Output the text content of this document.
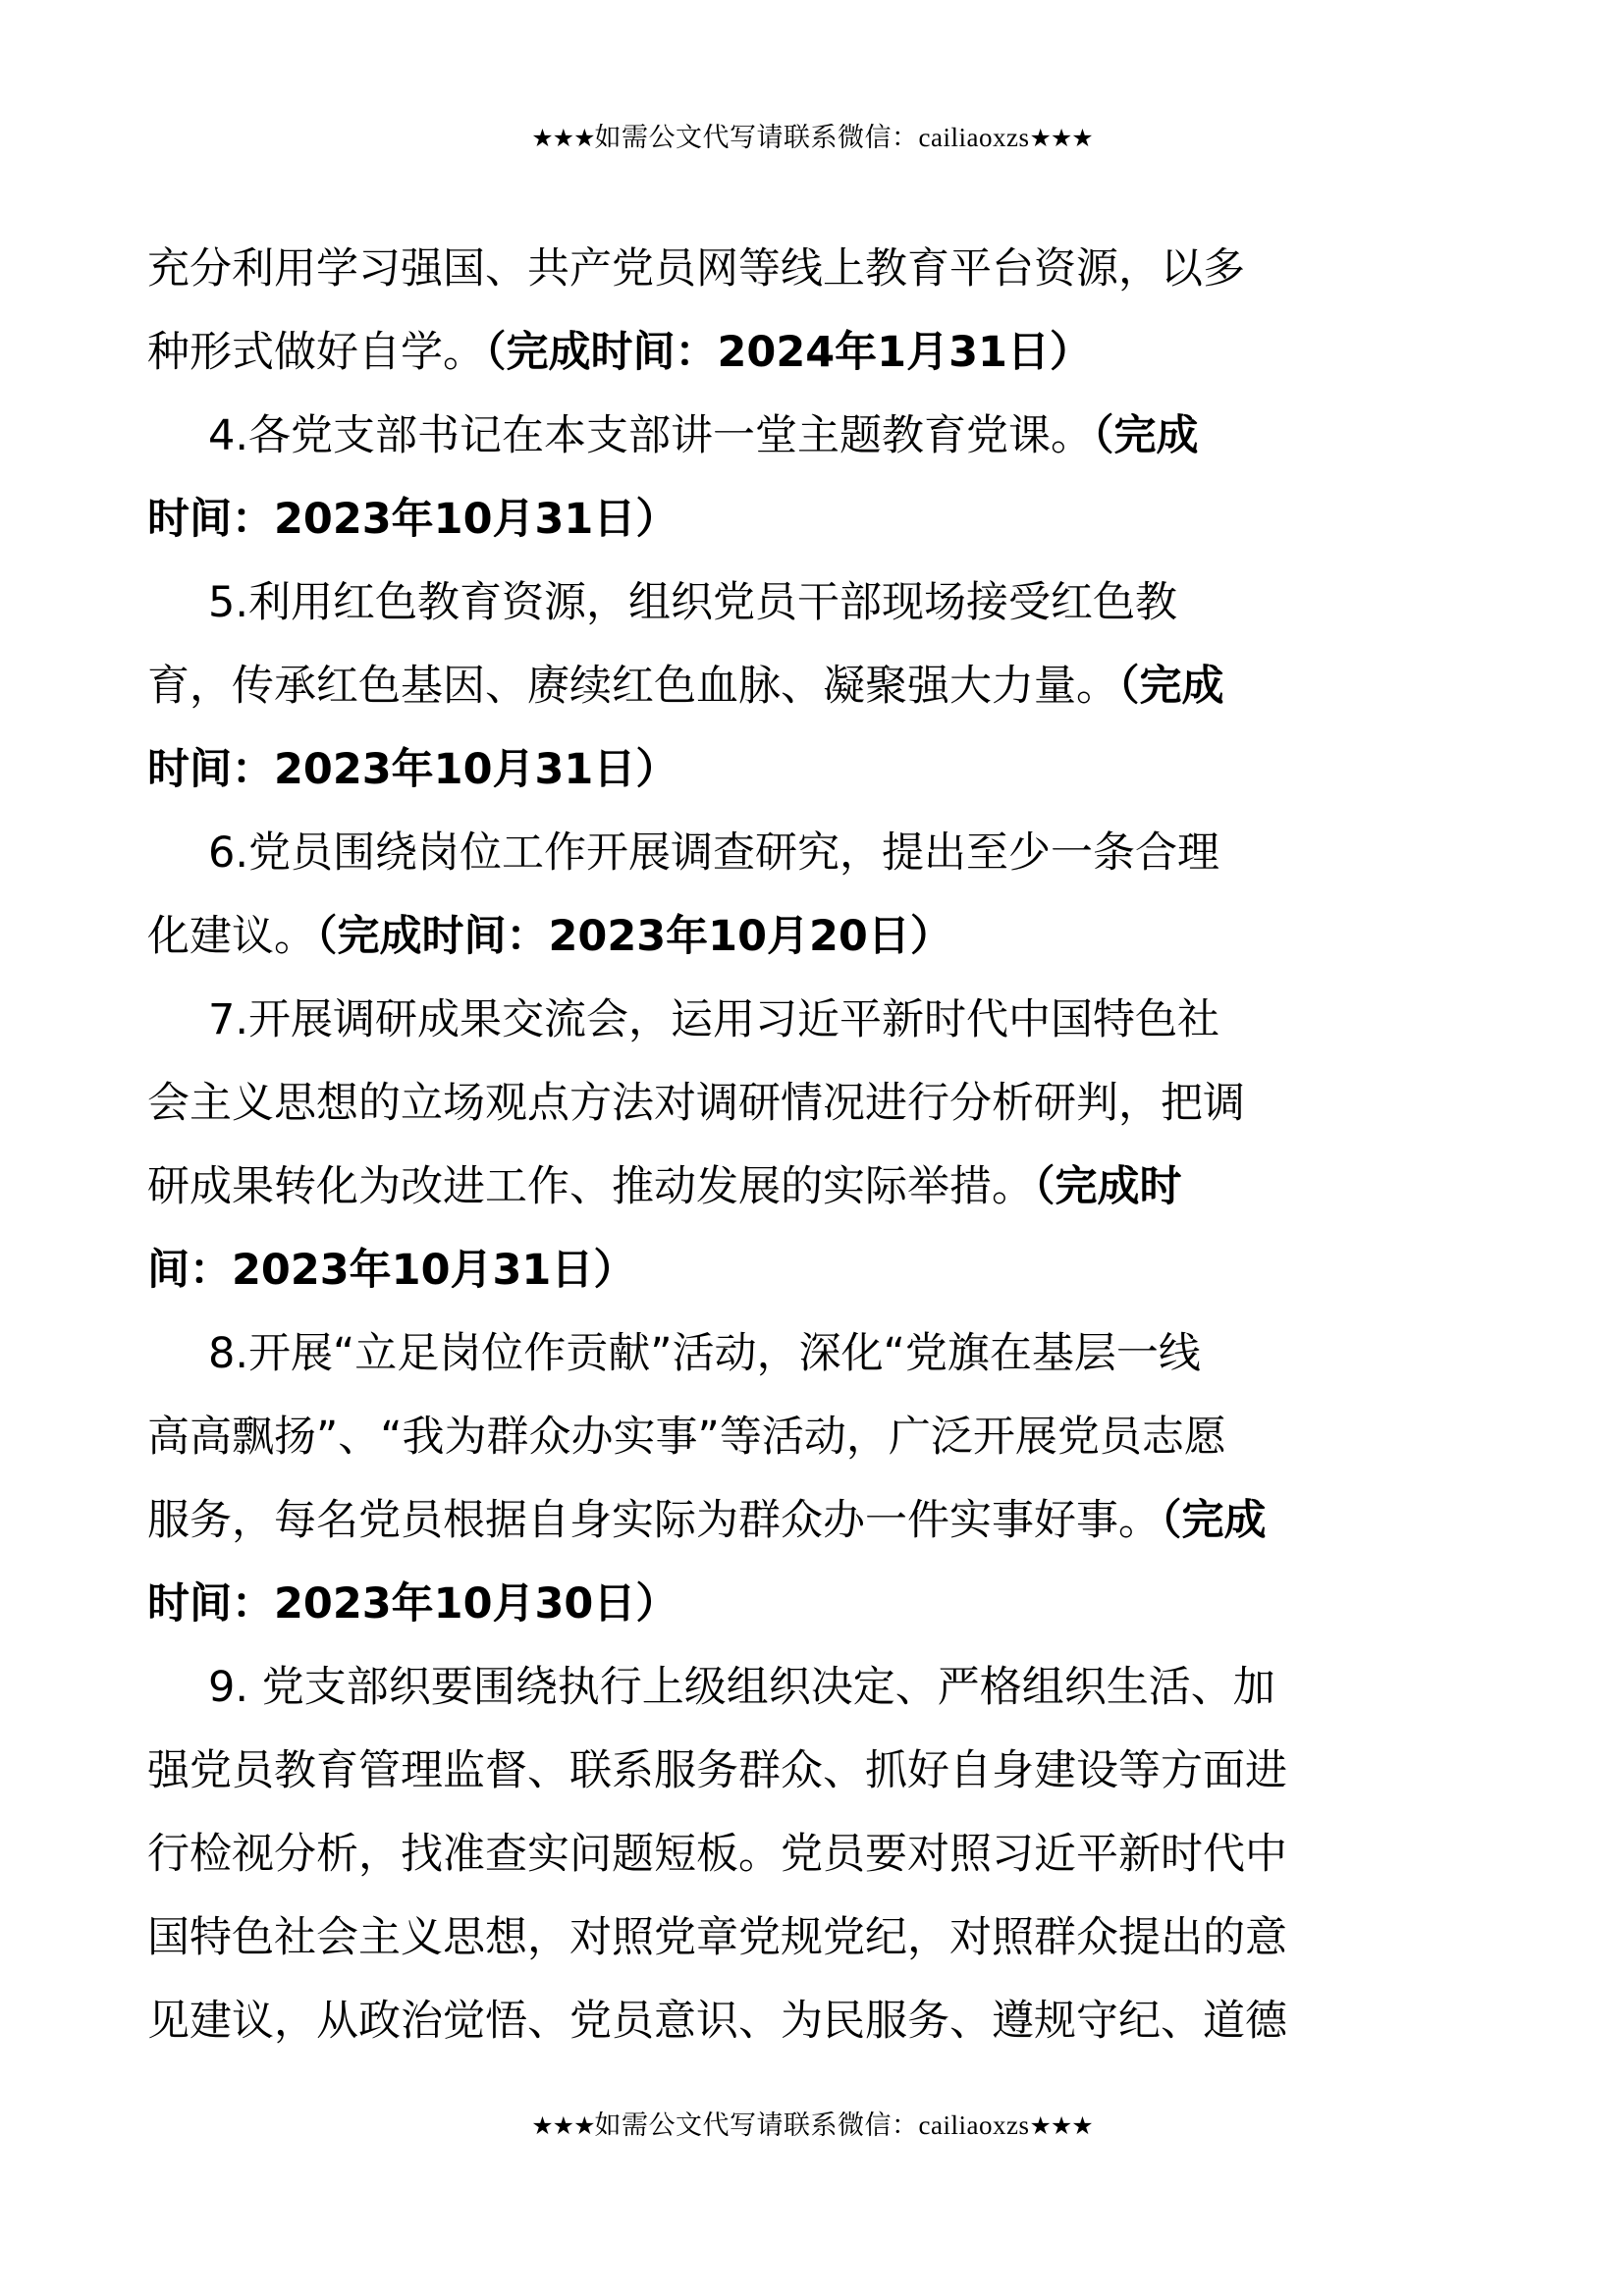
★★★如需公文代写请联系微信：cailiaoxzs★★★
充分利用学习强国、共产党员网等线上教育平台资源，以多
种形式做好自学。（完成时间：2024年1月31日）
4.各党支部书记在本支部讲一堂主题教育党课。（完成
时间：2023年10月31日）
5.利用红色教育资源，组织党员干部现场接受红色教
育，传承红色基因、赓续红色血脉、凝聚强大力量。（完成
时间：2023年10月31日）
6.党员围绕岗位工作开展调查研究，提出至少一条合理
化建议。（完成时间：2023年10月20日）
7.开展调研成果交流会，运用习近平新时代中国特色社
会主义思想的立场观点方法对调研情况进行分析研判，把调
研成果转化为改进工作、推动发展的实际举措。（完成时
间：2023年10月31日）
8.开展“立足岗位作贡献”活动，深化“党旗在基层一线
高高飘扬”、“我为群众办实事”等活动，广泛开展党员志愿
服务，每名党员根据自身实际为群众办一件实事好事。（完成
时间：2023年10月30日）
9. 党支部织要围绕执行上级组织决定、严格组织生活、加
强党员教育管理监督、联系服务群众、抓好自身建设等方面进
行检视分析，找准查实问题短板。党员要对照习近平新时代中
国特色社会主义思想，对照党章党规党纪，对照群众提出的意
见建议，从政治觉悟、党员意识、为民服务、遵规守纪、道德
★★★如需公文代写请联系微信：cailiaoxzs★★★
